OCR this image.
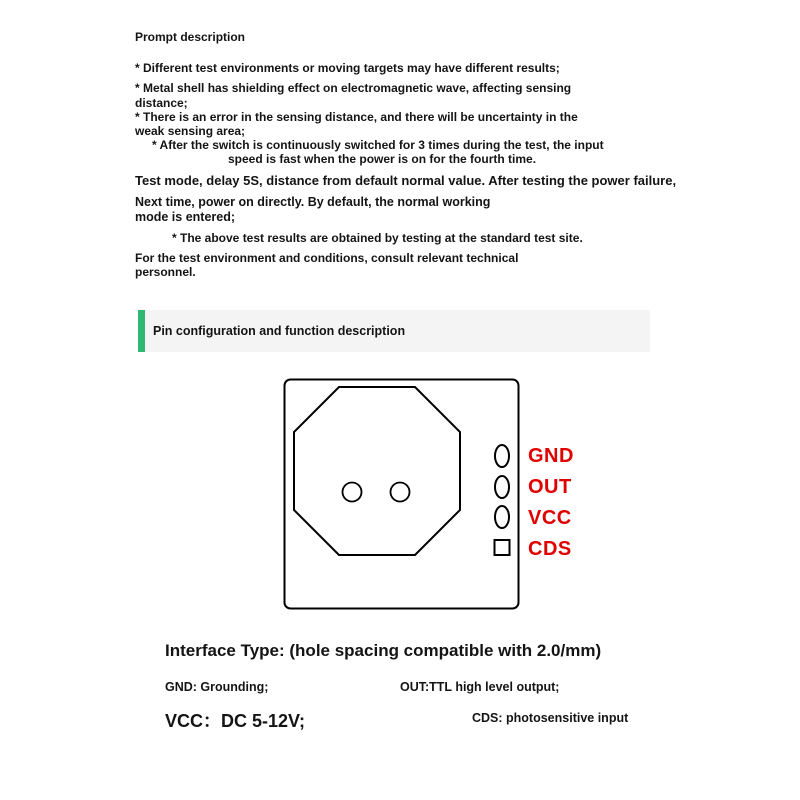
Prompt description
* Different test environments or moving targets may have different results;
* Metal shell has shielding effect on electromagnetic wave, affecting sensing
distance;
* There is an error in the sensing distance, and there will be uncertainty in the
weak sensing area;
* After the switch is continuously switched for 3 times during the test, the input
speed is fast when the power is on for the fourth time.
Test mode, delay 5S, distance from default normal value. After testing the power failure,
Next time, power on directly. By default, the normal working
mode is entered;
* The above test results are obtained by testing at the standard test site.
For the test environment and conditions, consult relevant technical
personnel.
Pin configuration and function description
GND
OUT
VCC
CDS
Interface Type: (hole spacing compatible with 2.0/mm)
GND: Grounding;	OUT:TTL high level output;
VCC：DC 5-12V;	CDS: photosensitive input
